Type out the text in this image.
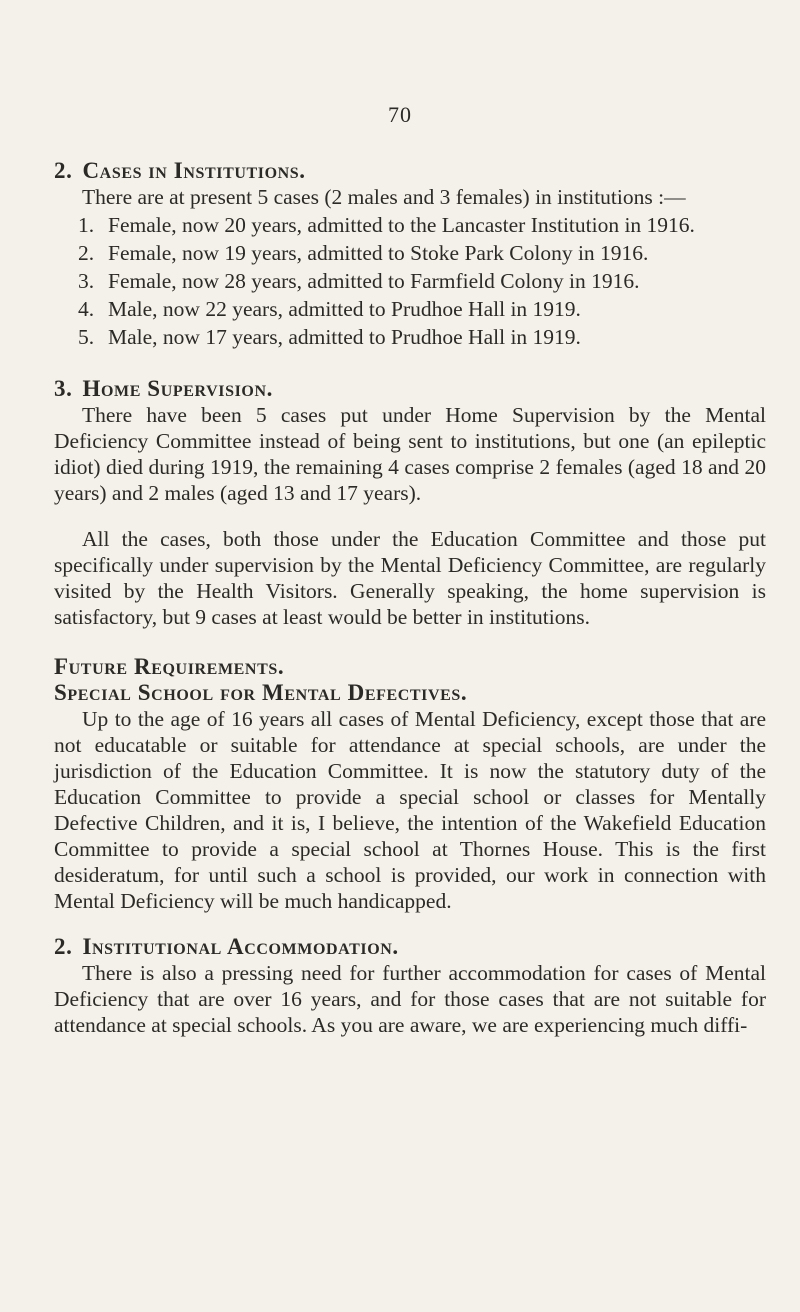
70
2. Cases in Institutions.

There are at present 5 cases (2 males and 3 females) in institutions :—

1. Female, now 20 years, admitted to the Lancaster Institution in 1916.
2. Female, now 19 years, admitted to Stoke Park Colony in 1916.
3. Female, now 28 years, admitted to Farmfield Colony in 1916.
4. Male, now 22 years, admitted to Prudhoe Hall in 1919.
5. Male, now 17 years, admitted to Prudhoe Hall in 1919.
3. Home Supervision.

There have been 5 cases put under Home Supervision by the Mental Deficiency Committee instead of being sent to institutions, but one (an epileptic idiot) died during 1919, the remaining 4 cases comprise 2 females (aged 18 and 20 years) and 2 males (aged 13 and 17 years).

All the cases, both those under the Education Committee and those put specifically under supervision by the Mental Deficiency Committee, are regularly visited by the Health Visitors. Generally speaking, the home supervision is satisfactory, but 9 cases at least would be better in institutions.

Future Requirements.
Special School for Mental Defectives.

Up to the age of 16 years all cases of Mental Deficiency, except those that are not educatable or suitable for attendance at special schools, are under the jurisdiction of the Education Committee. It is now the statutory duty of the Education Committee to provide a special school or classes for Mentally Defective Children, and it is, I believe, the intention of the Wakefield Education Committee to provide a special school at Thornes House. This is the first desideratum, for until such a school is provided, our work in connection with Mental Deficiency will be much handicapped.

2. Institutional Accommodation.

There is also a pressing need for further accommodation for cases of Mental Deficiency that are over 16 years, and for those cases that are not suitable for attendance at special schools. As you are aware, we are experiencing much diffi-
